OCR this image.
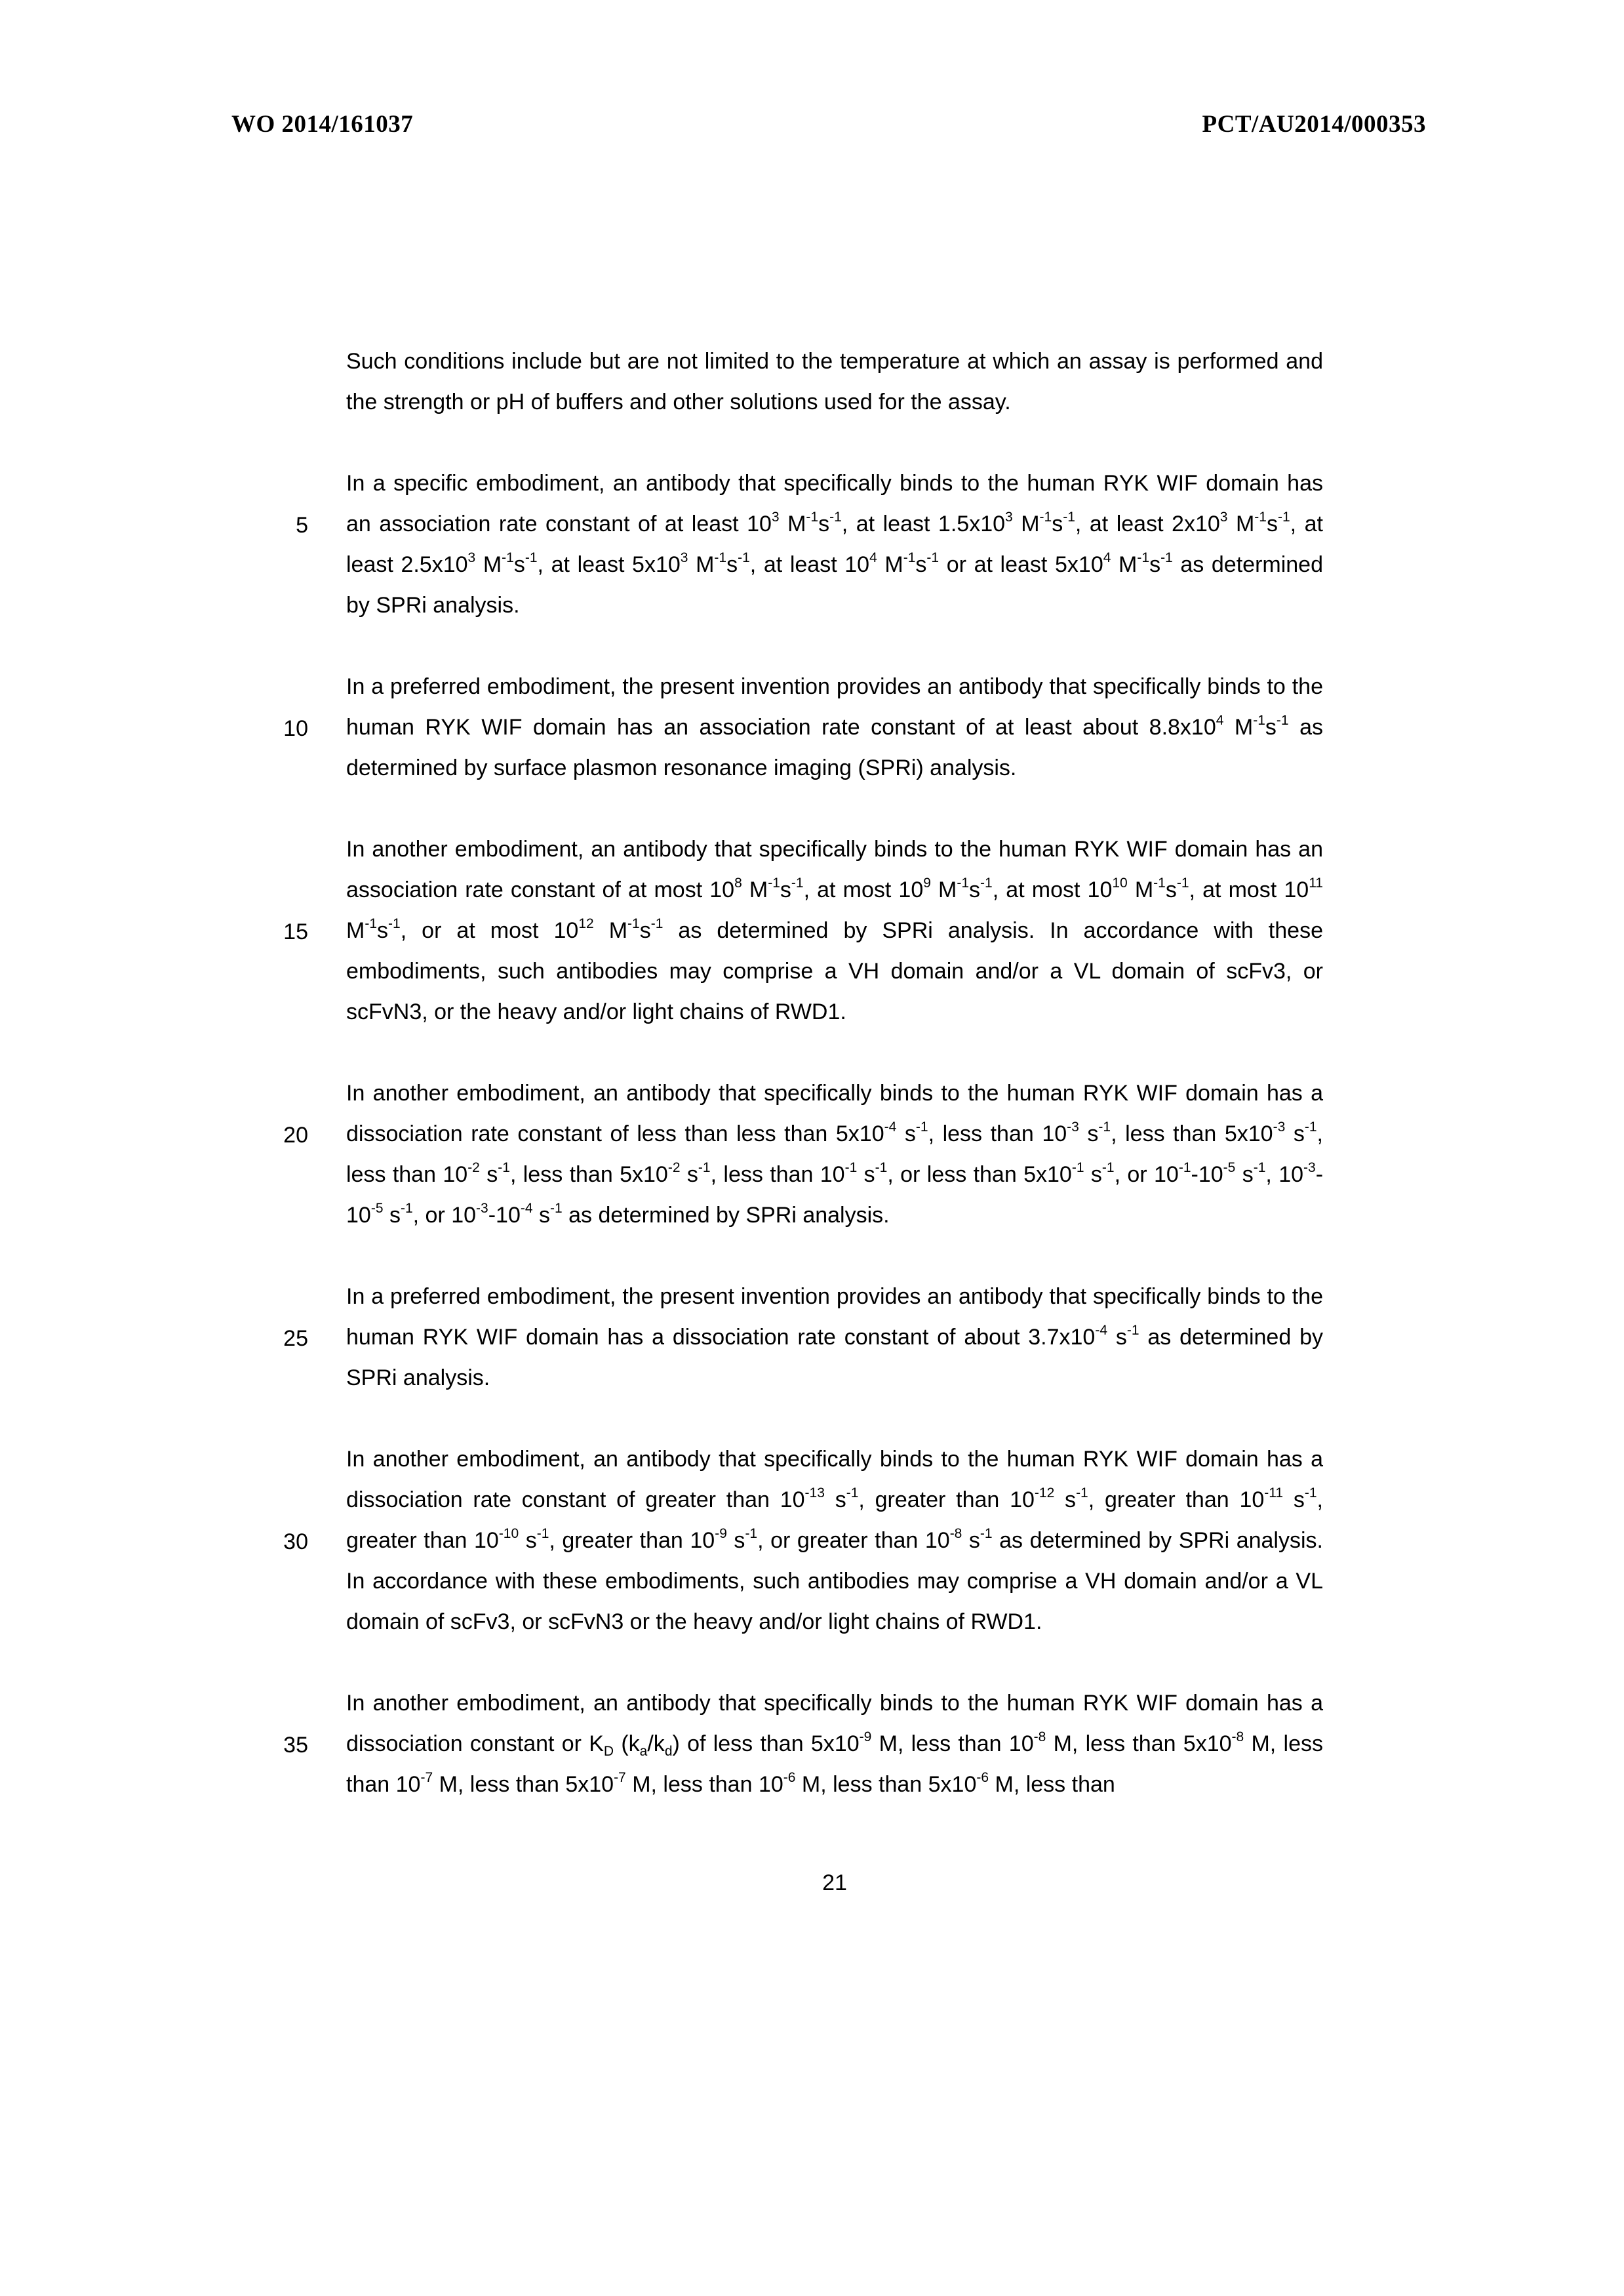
WO 2014/161037	PCT/AU2014/000353
5
10
15
20
25
30
35

Such conditions include but are not limited to the temperature at which an assay is performed and the strength or pH of buffers and other solutions used for the assay.

In a specific embodiment, an antibody that specifically binds to the human RYK WIF domain has an association rate constant of at least $10^3$ $M^{-1}s^{-1}$, at least $1.5x10^3$ $M^{-1}s^{-1}$, at least $2x10^3$ $M^{-1}s^{-1}$, at least $2.5x10^3$ $M^{-1}s^{-1}$, at least $5x10^3$ $M^{-1}s^{-1}$, at least $10^4$ $M^{-1}s^{-1}$ or at least $5x10^4$ $M^{-1}s^{-1}$ as determined by SPRi analysis.

In a preferred embodiment, the present invention provides an antibody that specifically binds to the human RYK WIF domain has an association rate constant of at least about $8.8x10^4$ $M^{-1}s^{-1}$ as determined by surface plasmon resonance imaging (SPRi) analysis.

In another embodiment, an antibody that specifically binds to the human RYK WIF domain has an association rate constant of at most $10^8$ $M^{-1}s^{-1}$, at most $10^9$ $M^{-1}s^{-1}$, at most $10^{10}$ $M^{-1}s^{-1}$, at most $10^{11}$ $M^{-1}s^{-1}$, or at most $10^{12}$ $M^{-1}s^{-1}$ as determined by SPRi analysis. In accordance with these embodiments, such antibodies may comprise a VH domain and/or a VL domain of scFv3, or scFvN3, or the heavy and/or light chains of RWD1.

In another embodiment, an antibody that specifically binds to the human RYK WIF domain has a dissociation rate constant of less than less than $5x10^{-4}$ $s^{-1}$, less than $10^{-3}$ $s^{-1}$, less than $5x10^{-3}$ $s^{-1}$, less than $10^{-2}$ $s^{-1}$, less than $5x10^{-2}$ $s^{-1}$, less than $10^{-1}$ $s^{-1}$, or less than $5x10^{-1}$ $s^{-1}$, or $10^{-1}-10^{-5}$ $s^{-1}$, $10^{-3}-10^{-5}$ $s^{-1}$, or $10^{-3}-10^{-4}$ $s^{-1}$ as determined by SPRi analysis.

In a preferred embodiment, the present invention provides an antibody that specifically binds to the human RYK WIF domain has a dissociation rate constant of about $3.7x10^{-4}$ $s^{-1}$ as determined by SPRi analysis.

In another embodiment, an antibody that specifically binds to the human RYK WIF domain has a dissociation rate constant of greater than $10^{-13}$ $s^{-1}$, greater than $10^{-12}$ $s^{-1}$, greater than $10^{-11}$ $s^{-1}$, greater than $10^{-10}$ $s^{-1}$, greater than $10^{-9}$ $s^{-1}$, or greater than $10^{-8}$ $s^{-1}$ as determined by SPRi analysis. In accordance with these embodiments, such antibodies may comprise a VH domain and/or a VL domain of scFv3, or scFvN3 or the heavy and/or light chains of RWD1.

In another embodiment, an antibody that specifically binds to the human RYK WIF domain has a dissociation constant or $K_D$ $(k_a/k_d)$ of less than $5x10^{-9}$ M, less than $10^{-8}$ M, less than $5x10^{-8}$ M, less than $10^{-7}$ M, less than $5x10^{-7}$ M, less than $10^{-6}$ M, less than $5x10^{-6}$ M, less than

21
